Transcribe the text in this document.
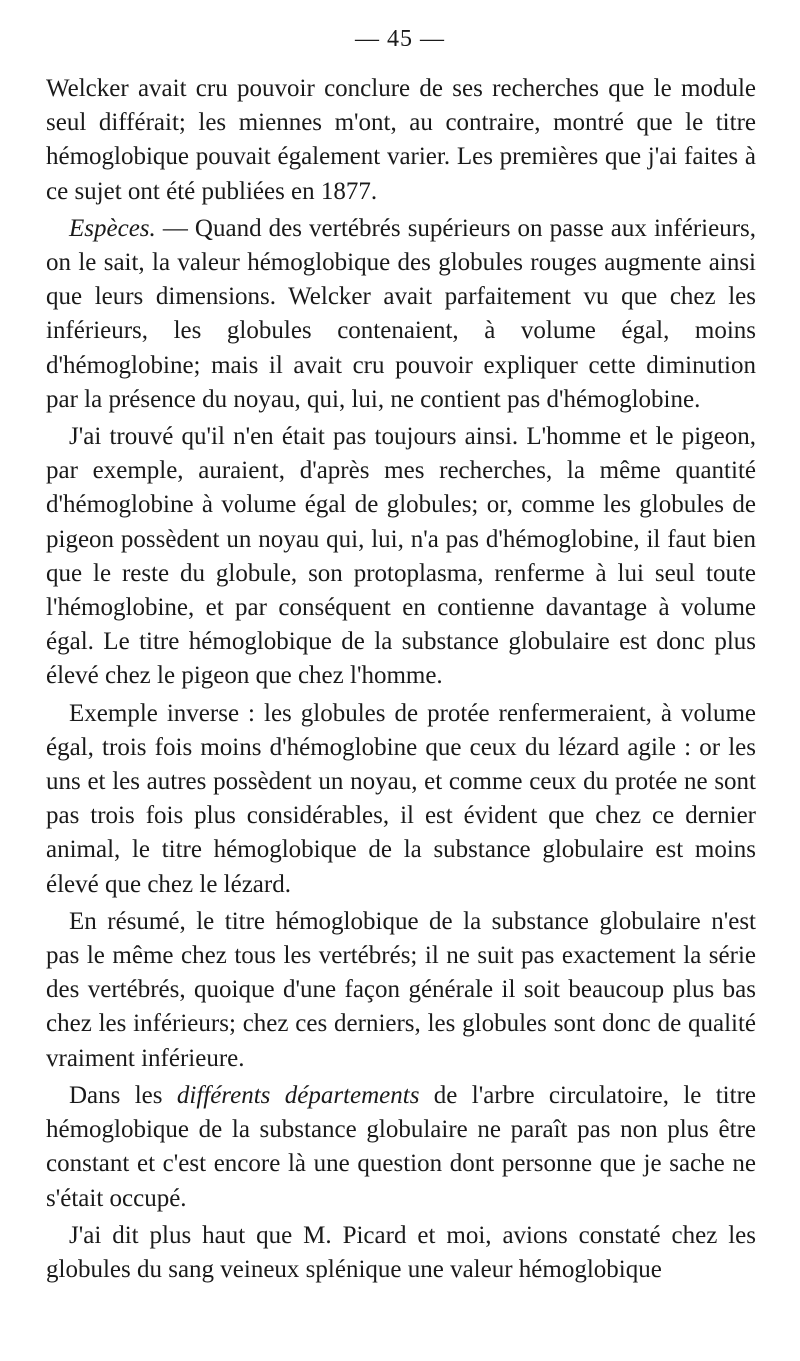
— 45 —

Welcker avait cru pouvoir conclure de ses recherches que le module seul différait; les miennes m'ont, au contraire, montré que le titre hémoglobique pouvait également varier. Les premières que j'ai faites à ce sujet ont été publiées en 1877.

Espèces. — Quand des vertébrés supérieurs on passe aux inférieurs, on le sait, la valeur hémoglobique des globules rouges augmente ainsi que leurs dimensions. Welcker avait parfaitement vu que chez les inférieurs, les globules contenaient, à volume égal, moins d'hémoglobine; mais il avait cru pouvoir expliquer cette diminution par la présence du noyau, qui, lui, ne contient pas d'hémoglobine.

J'ai trouvé qu'il n'en était pas toujours ainsi. L'homme et le pigeon, par exemple, auraient, d'après mes recherches, la même quantité d'hémoglobine à volume égal de globules; or, comme les globules de pigeon possèdent un noyau qui, lui, n'a pas d'hémoglobine, il faut bien que le reste du globule, son protoplasma, renferme à lui seul toute l'hémoglobine, et par conséquent en contienne davantage à volume égal. Le titre hémoglobique de la substance globulaire est donc plus élevé chez le pigeon que chez l'homme.

Exemple inverse : les globules de protée renfermeraient, à volume égal, trois fois moins d'hémoglobine que ceux du lézard agile : or les uns et les autres possèdent un noyau, et comme ceux du protée ne sont pas trois fois plus considérables, il est évident que chez ce dernier animal, le titre hémoglobique de la substance globulaire est moins élevé que chez le lézard.

En résumé, le titre hémoglobique de la substance globulaire n'est pas le même chez tous les vertébrés; il ne suit pas exactement la série des vertébrés, quoique d'une façon générale il soit beaucoup plus bas chez les inférieurs; chez ces derniers, les globules sont donc de qualité vraiment inférieure.

Dans les différents départements de l'arbre circulatoire, le titre hémoglobique de la substance globulaire ne paraît pas non plus être constant et c'est encore là une question dont personne que je sache ne s'était occupé.

J'ai dit plus haut que M. Picard et moi, avions constaté chez les globules du sang veineux splénique une valeur hémoglobique
